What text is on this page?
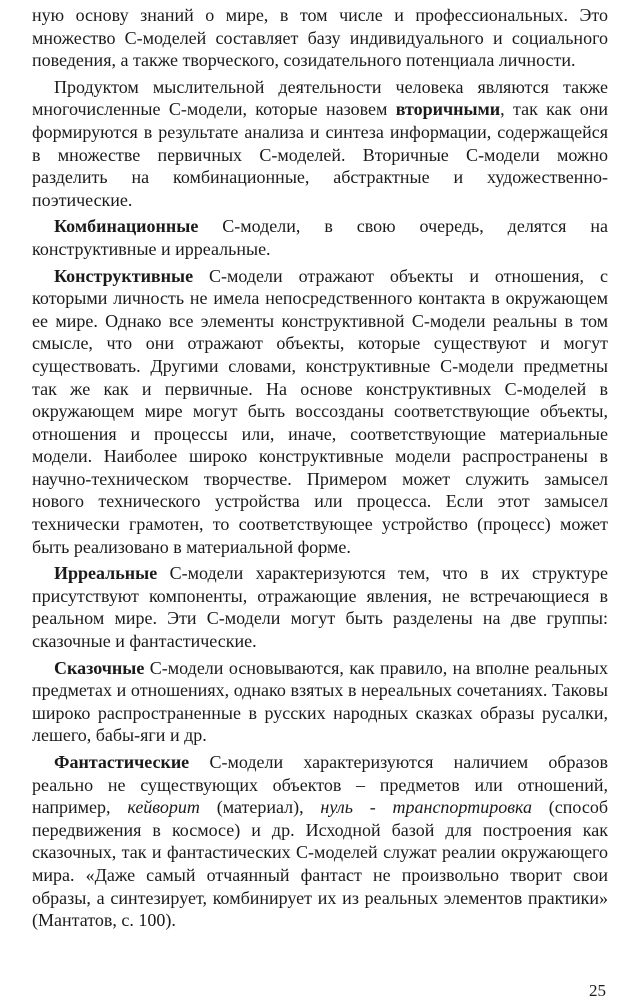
ную основу знаний о мире, в том числе и профессиональных. Это множество С-моделей составляет базу индивидуального и социального поведения, а также творческого, созидательного потенциала личности.

Продуктом мыслительной деятельности человека являются также многочисленные С-модели, которые назовем вторичными, так как они формируются в результате анализа и синтеза информации, содержащейся в множестве первичных С-моделей. Вторичные С-модели можно разделить на комбинационные, абстрактные и художественно-поэтические.

Комбинационные С-модели, в свою очередь, делятся на конструктивные и ирреальные.

Конструктивные С-модели отражают объекты и отношения, с которыми личность не имела непосредственного контакта в окружающем ее мире. Однако все элементы конструктивной С-модели реальны в том смысле, что они отражают объекты, которые существуют и могут существовать. Другими словами, конструктивные С-модели предметны так же как и первичные. На основе конструктивных С-моделей в окружающем мире могут быть воссозданы соответствующие объекты, отношения и процессы или, иначе, соответствующие материальные модели. Наиболее широко конструктивные модели распространены в научно-техническом творчестве. Примером может служить замысел нового технического устройства или процесса. Если этот замысел технически грамотен, то соответствующее устройство (процесс) может быть реализовано в материальной форме.

Ирреальные С-модели характеризуются тем, что в их структуре присутствуют компоненты, отражающие явления, не встречающиеся в реальном мире. Эти С-модели могут быть разделены на две группы: сказочные и фантастические.

Сказочные С-модели основываются, как правило, на вполне реальных предметах и отношениях, однако взятых в нереальных сочетаниях. Таковы широко распространенные в русских народных сказках образы русалки, лешего, бабы-яги и др.

Фантастические С-модели характеризуются наличием образов реально не существующих объектов – предметов или отношений, например, кейворит (материал), нуль - транспортировка (способ передвижения в космосе) и др. Исходной базой для построения как сказочных, так и фантастических С-моделей служат реалии окружающего мира. «Даже самый отчаянный фантаст не произвольно творит свои образы, а синтезирует, комбинирует их из реальных элементов практики» (Мантатов, с. 100).

25
